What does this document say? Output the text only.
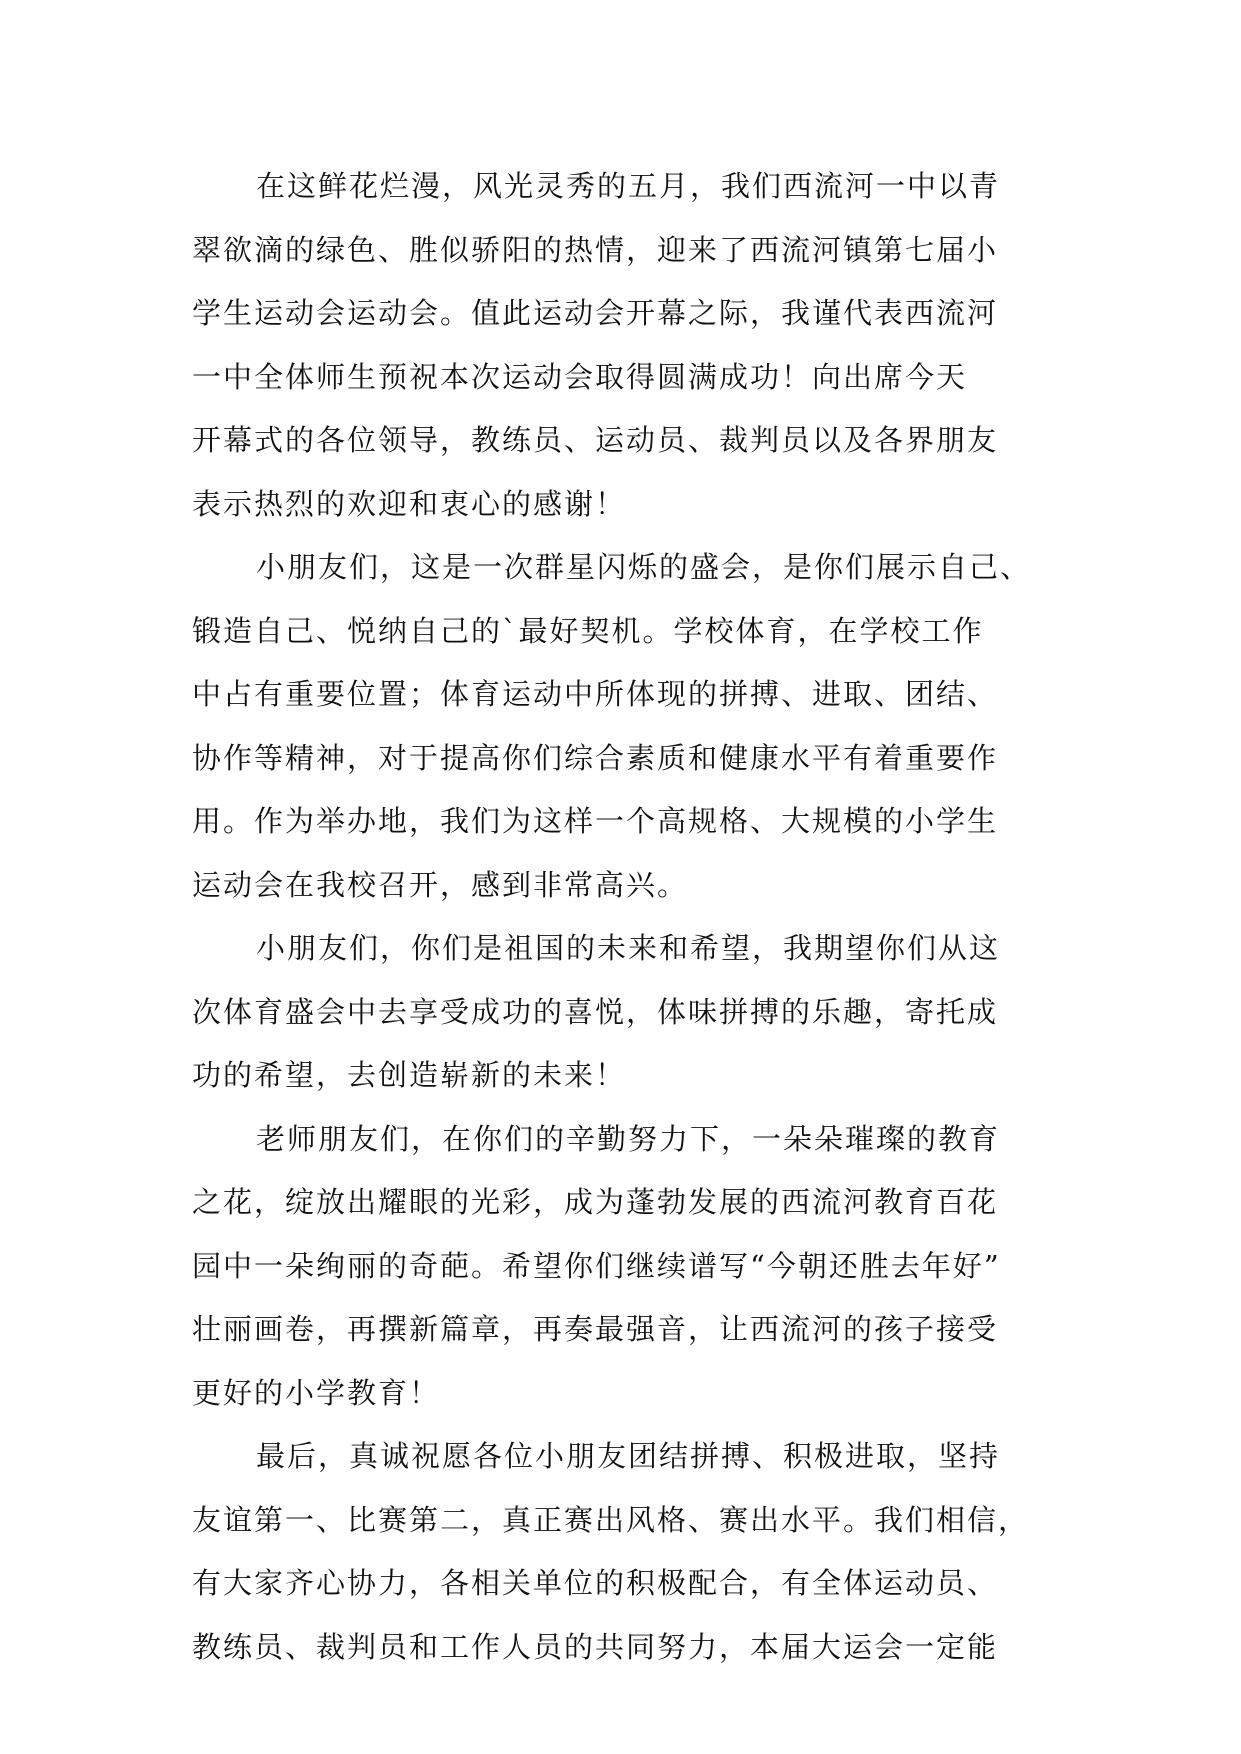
在这鲜花烂漫，风光灵秀的五月，我们西流河一中以青
翠欲滴的绿色、胜似骄阳的热情，迎来了西流河镇第七届小
学生运动会运动会。值此运动会开幕之际，我谨代表西流河
一中全体师生预祝本次运动会取得圆满成功！向出席今天
开幕式的各位领导，教练员、运动员、裁判员以及各界朋友
表示热烈的欢迎和衷心的感谢！
小朋友们，这是一次群星闪烁的盛会，是你们展示自己、
锻造自己、悦纳自己的`最好契机。学校体育，在学校工作
中占有重要位置；体育运动中所体现的拼搏、进取、团结、
协作等精神，对于提高你们综合素质和健康水平有着重要作
用。作为举办地，我们为这样一个高规格、大规模的小学生
运动会在我校召开，感到非常高兴。
小朋友们，你们是祖国的未来和希望，我期望你们从这
次体育盛会中去享受成功的喜悦，体味拼搏的乐趣，寄托成
功的希望，去创造崭新的未来！
老师朋友们，在你们的辛勤努力下，一朵朵璀璨的教育
之花，绽放出耀眼的光彩，成为蓬勃发展的西流河教育百花
园中一朵绚丽的奇葩。希望你们继续谱写“今朝还胜去年好”
壮丽画卷，再撰新篇章，再奏最强音，让西流河的孩子接受
更好的小学教育！
最后，真诚祝愿各位小朋友团结拼搏、积极进取，坚持
友谊第一、比赛第二，真正赛出风格、赛出水平。我们相信，
有大家齐心协力，各相关单位的积极配合，有全体运动员、
教练员、裁判员和工作人员的共同努力，本届大运会一定能
